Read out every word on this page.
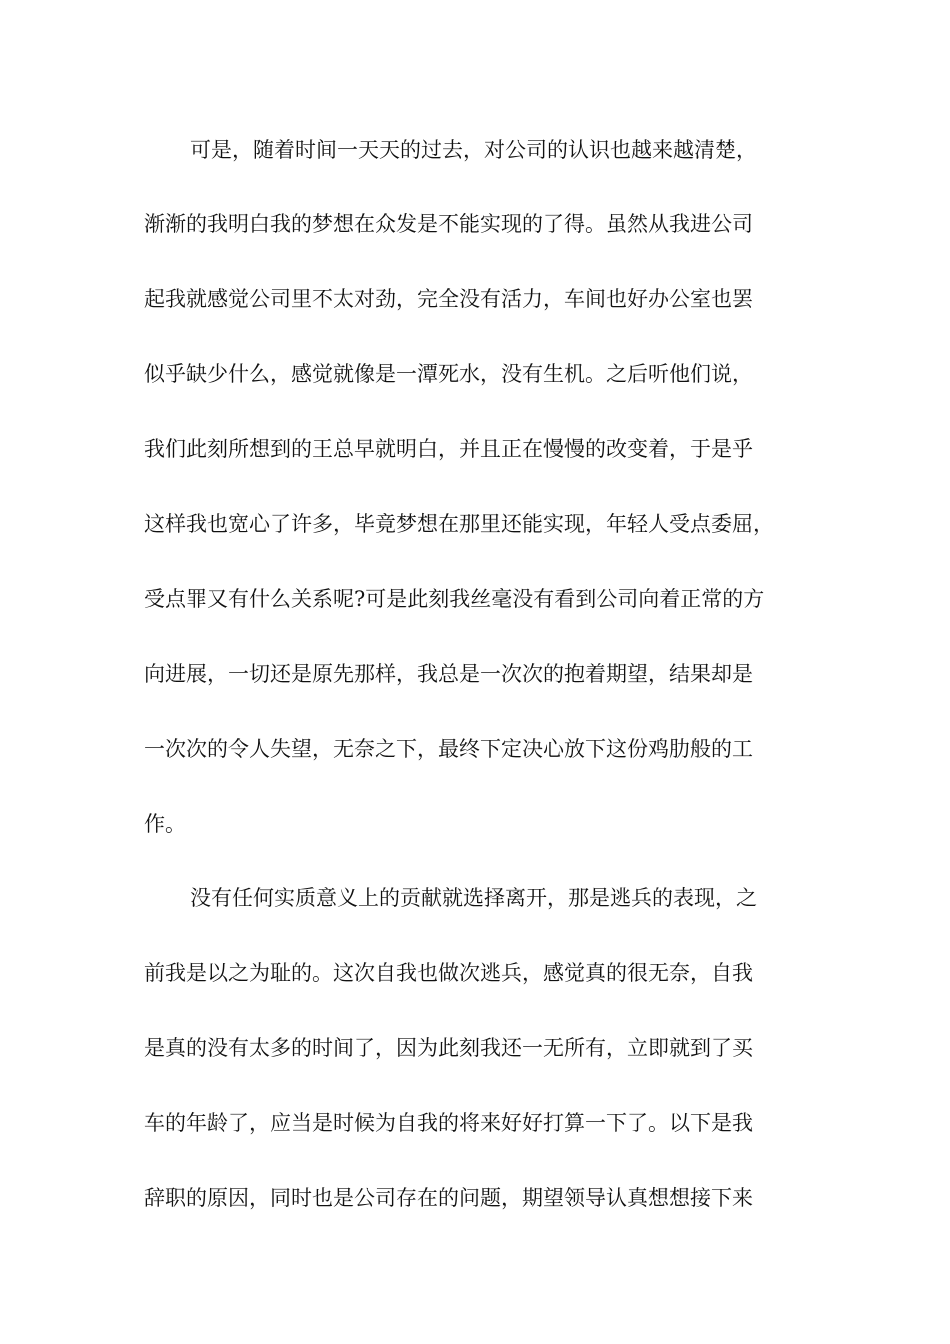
可是，随着时间一天天的过去，对公司的认识也越来越清楚，
渐渐的我明白我的梦想在众发是不能实现的了得。虽然从我进公司
起我就感觉公司里不太对劲，完全没有活力，车间也好办公室也罢
似乎缺少什么，感觉就像是一潭死水，没有生机。之后听他们说，
我们此刻所想到的王总早就明白，并且正在慢慢的改变着，于是乎
这样我也宽心了许多，毕竟梦想在那里还能实现，年轻人受点委屈，
受点罪又有什么关系呢?可是此刻我丝毫没有看到公司向着正常的方
向进展，一切还是原先那样，我总是一次次的抱着期望，结果却是
一次次的令人失望，无奈之下，最终下定决心放下这份鸡肋般的工
作。
没有任何实质意义上的贡献就选择离开，那是逃兵的表现，之
前我是以之为耻的。这次自我也做次逃兵，感觉真的很无奈，自我
是真的没有太多的时间了，因为此刻我还一无所有，立即就到了买
车的年龄了，应当是时候为自我的将来好好打算一下了。以下是我
辞职的原因，同时也是公司存在的问题，期望领导认真想想接下来
